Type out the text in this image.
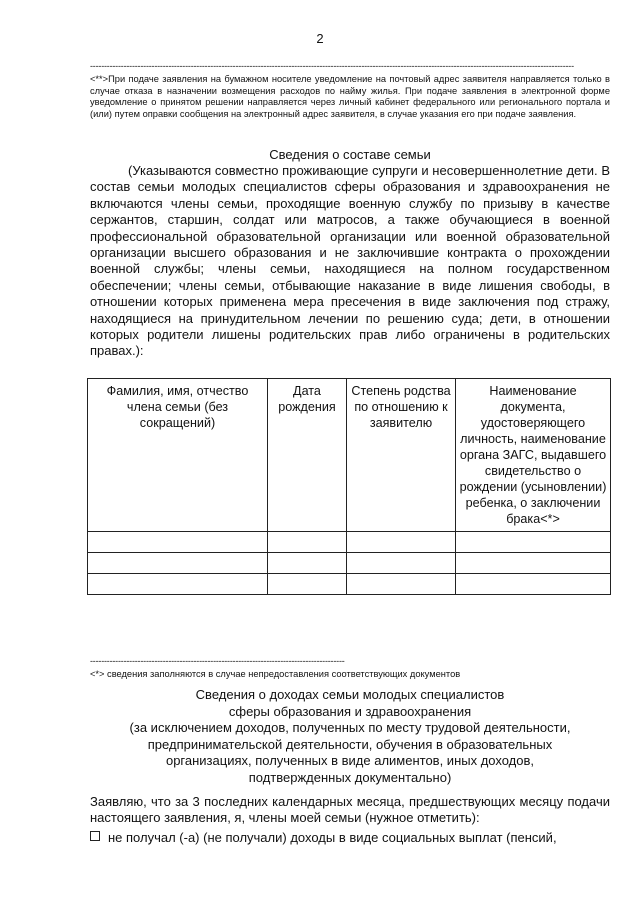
2
-----------------------------------------------------------------------------------------------------------------------------------------------------------------------------
<**>При подаче заявления на бумажном носителе уведомление на почтовый адрес заявителя направляется только в случае отказа в назначении возмещения расходов по найму жилья. При подаче заявления в электронной форме уведомление о принятом решении направляется через личный кабинет федерального или регионального портала и (или) путем оправки сообщения на электронный адрес заявителя, в случае указания его при подаче заявления.
Сведения о составе семьи
(Указываются совместно проживающие супруги и несовершеннолетние дети. В состав семьи молодых специалистов сферы образования и здравоохранения не включаются члены семьи, проходящие военную службу по призыву в качестве сержантов, старшин, солдат или матросов, а также обучающиеся в военной профессиональной образовательной организации или военной образовательной организации высшего образования и не заключившие контракта о прохождении военной службы; члены семьи, находящиеся на полном государственном обеспечении; члены семьи, отбывающие наказание в виде лишения свободы, в отношении которых применена мера пресечения в виде заключения под стражу, находящиеся на принудительном лечении по решению суда; дети, в отношении которых родители лишены родительских прав либо ограничены в родительских правах.):
Фамилия, имя, отчество члена семьи (без сокращений)	Дата рождения	Степень родства по отношению к заявителю	Наименование документа, удостоверяющего личность, наименование органа ЗАГС, выдавшего свидетельство о рождении (усыновлении) ребенка, о заключении брака<*>

-------------------------------------------------------------------------------------------
<*> сведения заполняются в случае непредоставления соответствующих документов
Сведения о доходах семьи молодых специалистов
сферы образования и здравоохранения
(за исключением доходов, полученных по месту трудовой деятельности,
предпринимательской деятельности, обучения в образовательных
организациях, полученных в виде алиментов, иных доходов,
подтвержденных документально)
Заявляю, что за 3 последних календарных месяца, предшествующих месяцу подачи настоящего заявления, я, члены моей семьи (нужное отметить):
не получал (-а) (не получали) доходы в виде социальных выплат (пенсий,
